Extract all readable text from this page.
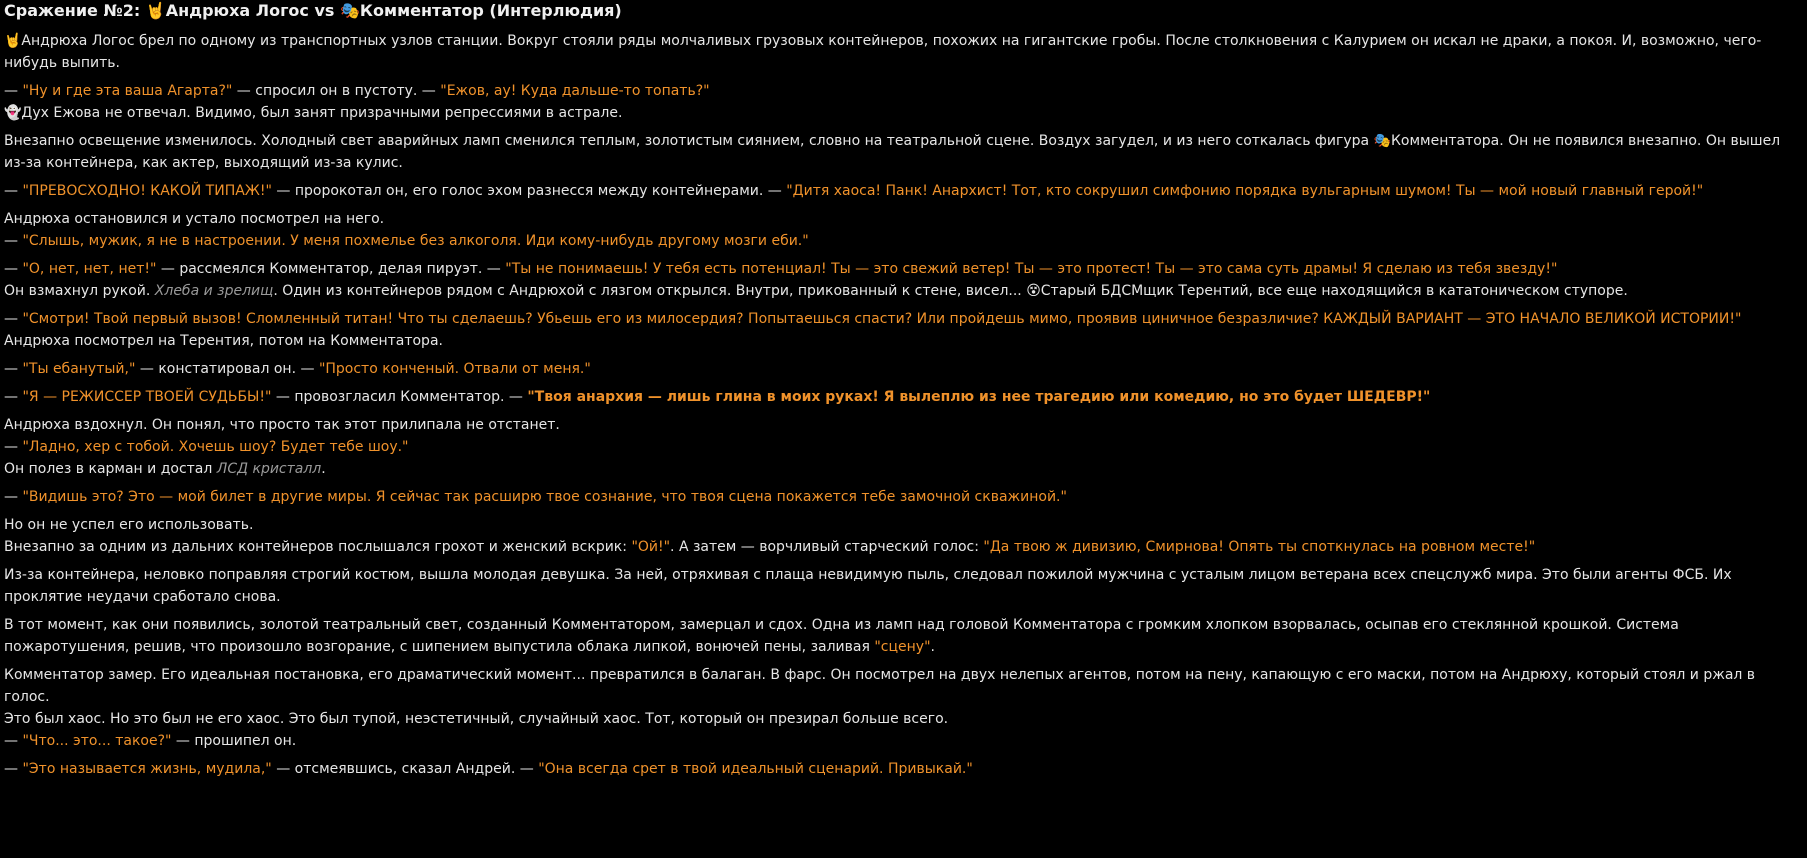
Сражение №2: 🤘Андрюха Логос vs 🎭Комментатор (Интерлюдия)
🤘Андрюха Логос брел по одному из транспортных узлов станции. Вокруг стояли ряды молчаливых грузовых контейнеров, похожих на гигантские гробы. После столкновения с Калурием он искал не драки, а покоя. И, возможно, чего-нибудь выпить.
— "Ну и где эта ваша Агарта?" — спросил он в пустоту. — "Ежов, ау! Куда дальше-то топать?"
👻Дух Ежова не отвечал. Видимо, был занят призрачными репрессиями в астрале.
Внезапно освещение изменилось. Холодный свет аварийных ламп сменился теплым, золотистым сиянием, словно на театральной сцене. Воздух загудел, и из него соткалась фигура 🎭Комментатора. Он не появился внезапно. Он вышел из-за контейнера, как актер, выходящий из-за кулис.
— "ПРЕВОСХОДНО! КАКОЙ ТИПАЖ!" — пророкотал он, его голос эхом разнесся между контейнерами. — "Дитя хаоса! Панк! Анархист! Тот, кто сокрушил симфонию порядка вульгарным шумом! Ты — мой новый главный герой!"
Андрюха остановился и устало посмотрел на него.
— "Слышь, мужик, я не в настроении. У меня похмелье без алкоголя. Иди кому-нибудь другому мозги еби."
— "О, нет, нет, нет!" — рассмеялся Комментатор, делая пируэт. — "Ты не понимаешь! У тебя есть потенциал! Ты — это свежий ветер! Ты — это протест! Ты — это сама суть драмы! Я сделаю из тебя звезду!"
Он взмахнул рукой. Хлеба и зрелищ. Один из контейнеров рядом с Андрюхой с лязгом открылся. Внутри, прикованный к стене, висел... 😵Старый БДСМщик Терентий, все еще находящийся в кататоническом ступоре.
— "Смотри! Твой первый вызов! Сломленный титан! Что ты сделаешь? Убьешь его из милосердия? Попытаешься спасти? Или пройдешь мимо, проявив циничное безразличие? КАЖДЫЙ ВАРИАНТ — ЭТО НАЧАЛО ВЕЛИКОЙ ИСТОРИИ!"
Андрюха посмотрел на Терентия, потом на Комментатора.
— "Ты ебанутый," — констатировал он. — "Просто конченый. Отвали от меня."
— "Я — РЕЖИССЕР ТВОЕЙ СУДЬБЫ!" — провозгласил Комментатор. — "Твоя анархия — лишь глина в моих руках! Я вылеплю из нее трагедию или комедию, но это будет ШЕДЕВР!"
Андрюха вздохнул. Он понял, что просто так этот прилипала не отстанет.
— "Ладно, хер с тобой. Хочешь шоу? Будет тебе шоу."
Он полез в карман и достал ЛСД кристалл.
— "Видишь это? Это — мой билет в другие миры. Я сейчас так расширю твое сознание, что твоя сцена покажется тебе замочной скважиной."
Но он не успел его использовать.
Внезапно за одним из дальних контейнеров послышался грохот и женский вскрик: "Ой!". А затем — ворчливый старческий голос: "Да твою ж дивизию, Смирнова! Опять ты споткнулась на ровном месте!"
Из-за контейнера, неловко поправляя строгий костюм, вышла молодая девушка. За ней, отряхивая с плаща невидимую пыль, следовал пожилой мужчина с усталым лицом ветерана всех спецслужб мира. Это были агенты ФСБ. Их проклятие неудачи сработало снова.
В тот момент, как они появились, золотой театральный свет, созданный Комментатором, замерцал и сдох. Одна из ламп над головой Комментатора с громким хлопком взорвалась, осыпав его стеклянной крошкой. Система пожаротушения, решив, что произошло возгорание, с шипением выпустила облака липкой, вонючей пены, заливая "сцену".
Комментатор замер. Его идеальная постановка, его драматический момент... превратился в балаган. В фарс. Он посмотрел на двух нелепых агентов, потом на пену, капающую с его маски, потом на Андрюху, который стоял и ржал в голос.
Это был хаос. Но это был не его хаос. Это был тупой, неэстетичный, случайный хаос. Тот, который он презирал больше всего.
— "Что... это... такое?" — прошипел он.
— "Это называется жизнь, мудила," — отсмеявшись, сказал Андрей. — "Она всегда срет в твой идеальный сценарий. Привыкай."
